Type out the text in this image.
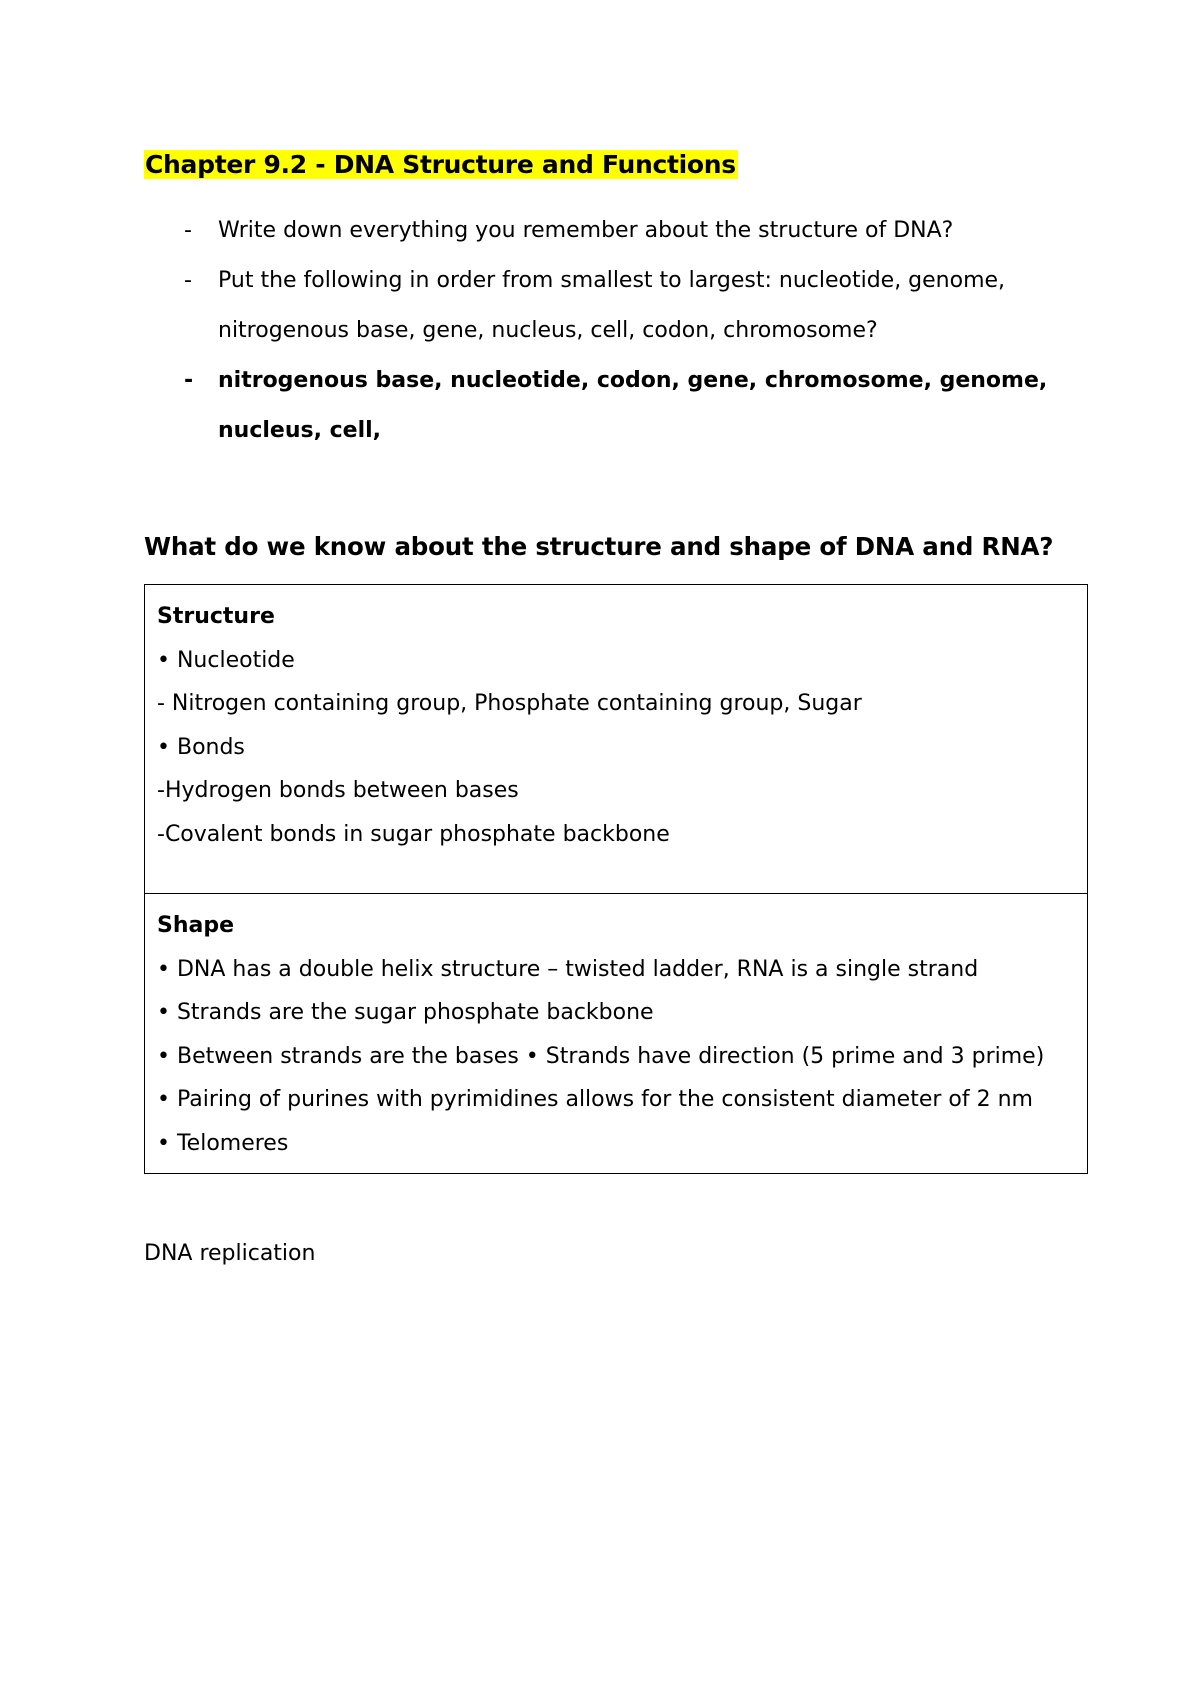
Chapter 9.2 - DNA Structure and Functions
- Write down everything you remember about the structure of DNA?
- Put the following in order from smallest to largest: nucleotide, genome, nitrogenous base, gene, nucleus, cell, codon, chromosome?
- nitrogenous base, nucleotide, codon, gene, chromosome, genome, nucleus, cell,
What do we know about the structure and shape of DNA and RNA?
Structure
• Nucleotide
- Nitrogen containing group, Phosphate containing group, Sugar
• Bonds
-Hydrogen bonds between bases
-Covalent bonds in sugar phosphate backbone

Shape
• DNA has a double helix structure – twisted ladder, RNA is a single strand
• Strands are the sugar phosphate backbone
• Between strands are the bases • Strands have direction (5 prime and 3 prime)
• Pairing of purines with pyrimidines allows for the consistent diameter of 2 nm
• Telomeres

DNA replication
